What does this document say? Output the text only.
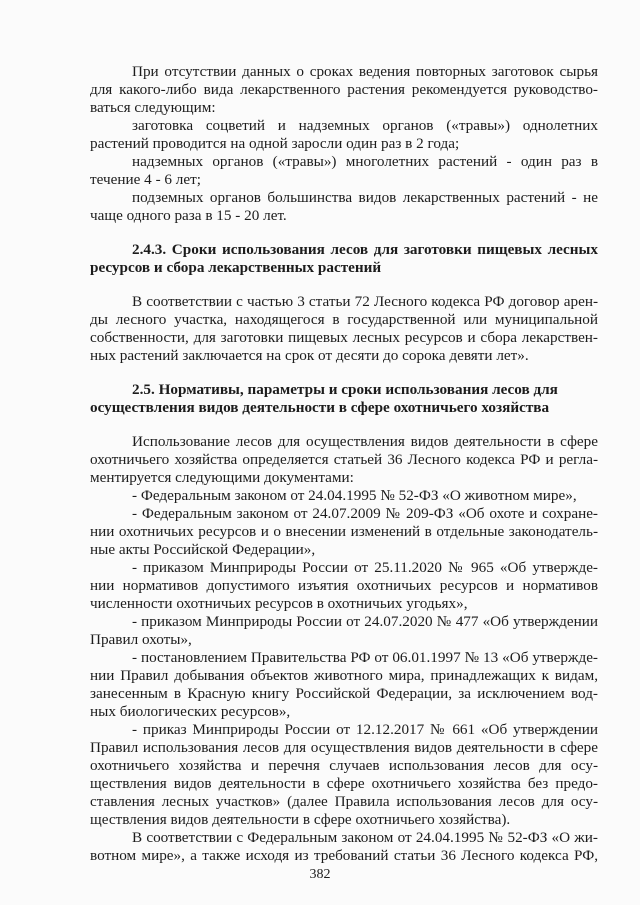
При отсутствии данных о сроках ведения повторных заготовок сырья
для какого-либо вида лекарственного растения рекомендуется руководство-
ваться следующим:
заготовка соцветий и надземных органов («травы») однолетних
растений проводится на одной заросли один раз в 2 года;
надземных органов («травы») многолетних растений - один раз в
течение 4 - 6 лет;
подземных органов большинства видов лекарственных растений - не
чаще одного раза в 15 - 20 лет.
2.4.3. Сроки использования лесов для заготовки пищевых лесных
ресурсов и сбора лекарственных растений
В соответствии с частью 3 статьи 72 Лесного кодекса РФ договор арен-
ды лесного участка, находящегося в государственной или муниципальной
собственности, для заготовки пищевых лесных ресурсов и сбора лекарствен-
ных растений заключается на срок от десяти до сорока девяти лет».
2.5. Нормативы, параметры и сроки использования лесов для
осуществления видов деятельности в сфере охотничьего хозяйства
Использование лесов для осуществления видов деятельности в сфере
охотничьего хозяйства определяется статьей 36 Лесного кодекса РФ и регла-
ментируется следующими документами:
- Федеральным законом от 24.04.1995 № 52-ФЗ «О животном мире»,
- Федеральным законом от 24.07.2009 № 209-ФЗ «Об охоте и сохране-
нии охотничьих ресурсов и о внесении изменений в отдельные законодатель-
ные акты Российской Федерации»,
- приказом Минприроды России от 25.11.2020 № 965 «Об утвержде-
нии нормативов допустимого изъятия охотничьих ресурсов и нормативов
численности охотничьих ресурсов в охотничьих угодьях»,
- приказом Минприроды России от 24.07.2020 № 477 «Об утверждении
Правил охоты»,
- постановлением Правительства РФ от 06.01.1997 № 13 «Об утвержде-
нии Правил добывания объектов животного мира, принадлежащих к видам,
занесенным в Красную книгу Российской Федерации, за исключением вод-
ных биологических ресурсов»,
- приказ Минприроды России от 12.12.2017 № 661 «Об утверждении
Правил использования лесов для осуществления видов деятельности в сфере
охотничьего хозяйства и перечня случаев использования лесов для осу-
ществления видов деятельности в сфере охотничьего хозяйства без предо-
ставления лесных участков» (далее Правила использования лесов для осу-
ществления видов деятельности в сфере охотничьего хозяйства).
В соответствии с Федеральным законом от 24.04.1995 № 52-ФЗ «О жи-
вотном мире», а также исходя из требований статьи 36 Лесного кодекса РФ,
382
